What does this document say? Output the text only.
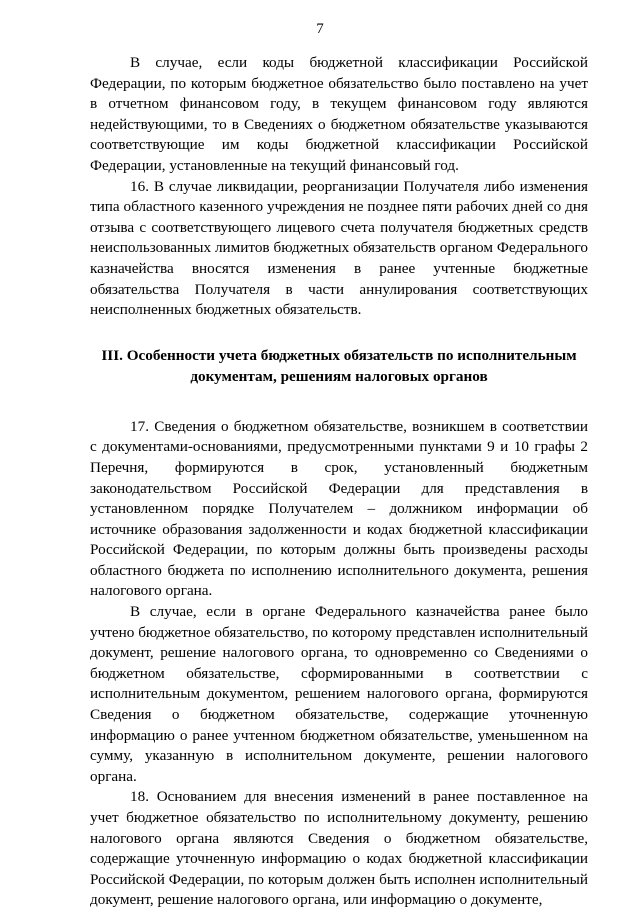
7

В случае, если коды бюджетной классификации Российской Федерации, по которым бюджетное обязательство было поставлено на учет в отчетном финансовом году, в текущем финансовом году являются недействующими, то в Сведениях о бюджетном обязательстве указываются соответствующие им коды бюджетной классификации Российской Федерации, установленные на текущий финансовый год.

16. В случае ликвидации, реорганизации Получателя либо изменения типа областного казенного учреждения не позднее пяти рабочих дней со дня отзыва с соответствующего лицевого счета получателя бюджетных средств неиспользованных лимитов бюджетных обязательств органом Федерального казначейства вносятся изменения в ранее учтенные бюджетные обязательства Получателя в части аннулирования соответствующих неисполненных бюджетных обязательств.

III. Особенности учета бюджетных обязательств по исполнительным
документам, решениям налоговых органов

17. Сведения о бюджетном обязательстве, возникшем в соответствии с документами-основаниями, предусмотренными пунктами 9 и 10 графы 2 Перечня, формируются в срок, установленный бюджетным законодательством Российской Федерации для представления в установленном порядке Получателем – должником информации об источнике образования задолженности и кодах бюджетной классификации Российской Федерации, по которым должны быть произведены расходы областного бюджета по исполнению исполнительного документа, решения налогового органа.

В случае, если в органе Федерального казначейства ранее было учтено бюджетное обязательство, по которому представлен исполнительный документ, решение налогового органа, то одновременно со Сведениями о бюджетном обязательстве, сформированными в соответствии с исполнительным документом, решением налогового органа, формируются Сведения о бюджетном обязательстве, содержащие уточненную информацию о ранее учтенном бюджетном обязательстве, уменьшенном на сумму, указанную в исполнительном документе, решении налогового органа.

18. Основанием для внесения изменений в ранее поставленное на учет бюджетное обязательство по исполнительному документу, решению налогового органа являются Сведения о бюджетном обязательстве, содержащие уточненную информацию о кодах бюджетной классификации Российской Федерации, по которым должен быть исполнен исполнительный документ, решение налогового органа, или информацию о документе,
